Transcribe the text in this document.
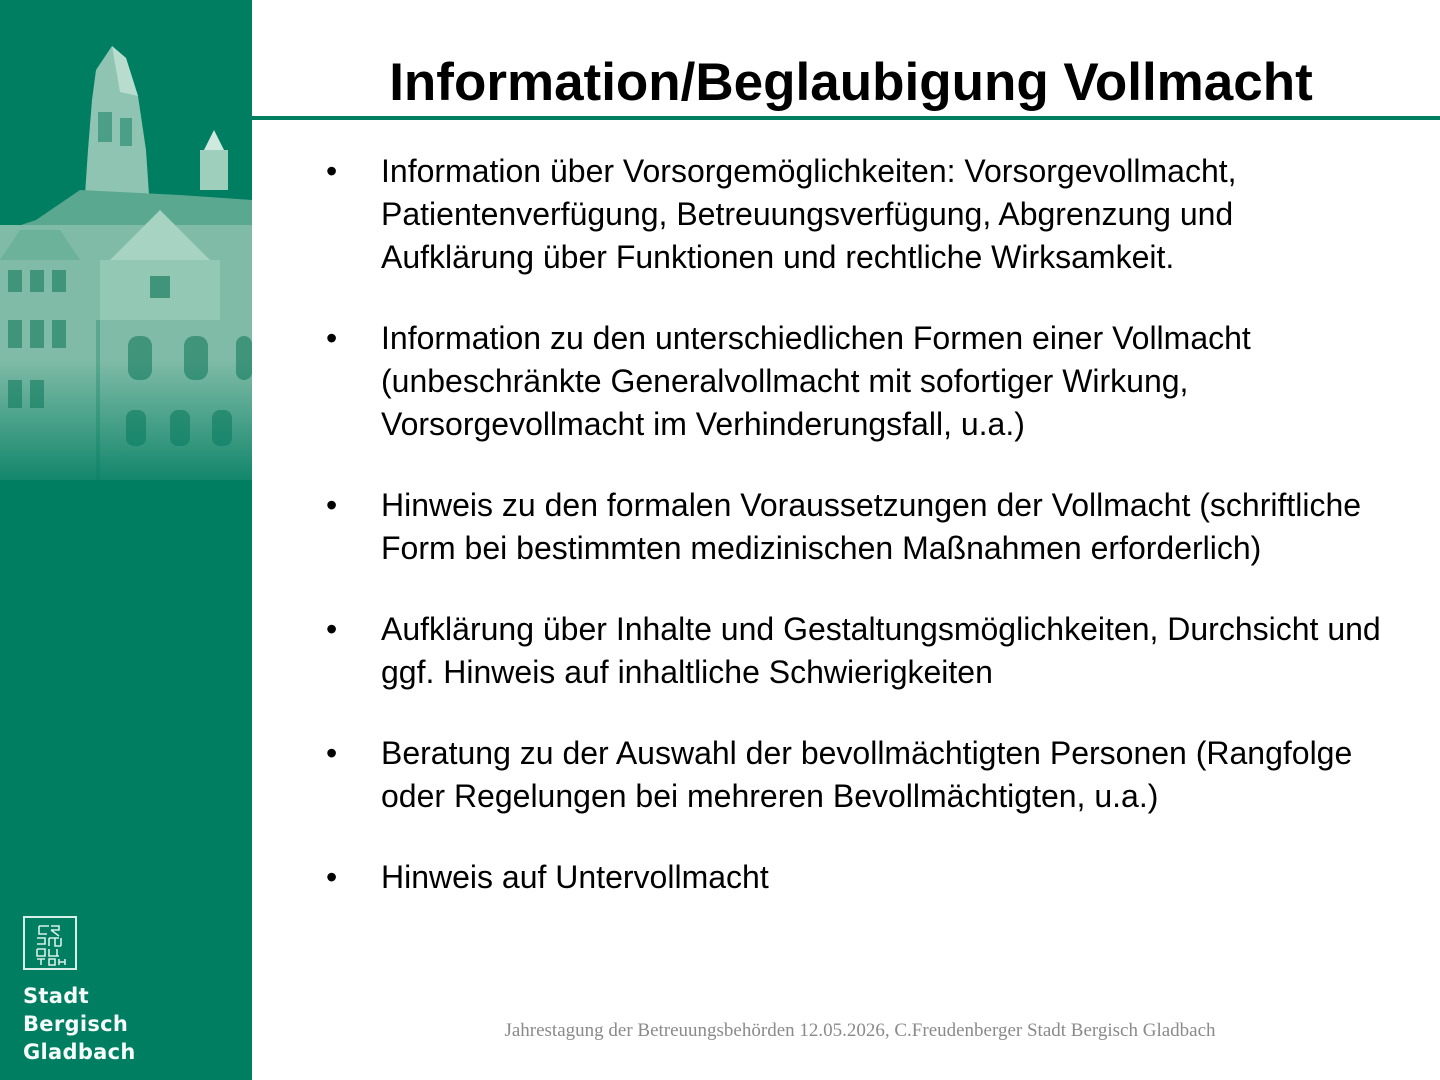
Stadt
Bergisch Gladbach
Information/Beglaubigung Vollmacht
• Information über Vorsorgemöglichkeiten: Vorsorgevollmacht, Patientenverfügung, Betreuungsverfügung, Abgrenzung und Aufklärung über Funktionen und rechtliche Wirksamkeit.
• Information zu den unterschiedlichen Formen einer Vollmacht (unbeschränkte Generalvollmacht mit sofortiger Wirkung, Vorsorgevollmacht im Verhinderungsfall, u.a.)
• Hinweis zu den formalen Voraussetzungen der Vollmacht (schriftliche Form bei bestimmten medizinischen Maßnahmen erforderlich)
• Aufklärung über Inhalte und Gestaltungsmöglichkeiten, Durchsicht und ggf. Hinweis auf inhaltliche Schwierigkeiten
• Beratung zu der Auswahl der bevollmächtigten Personen (Rangfolge oder Regelungen bei mehreren Bevollmächtigten, u.a.)
• Hinweis auf Untervollmacht
Jahrestagung der Betreuungsbehörden 12.05.2026, C.Freudenberger Stadt Bergisch Gladbach
